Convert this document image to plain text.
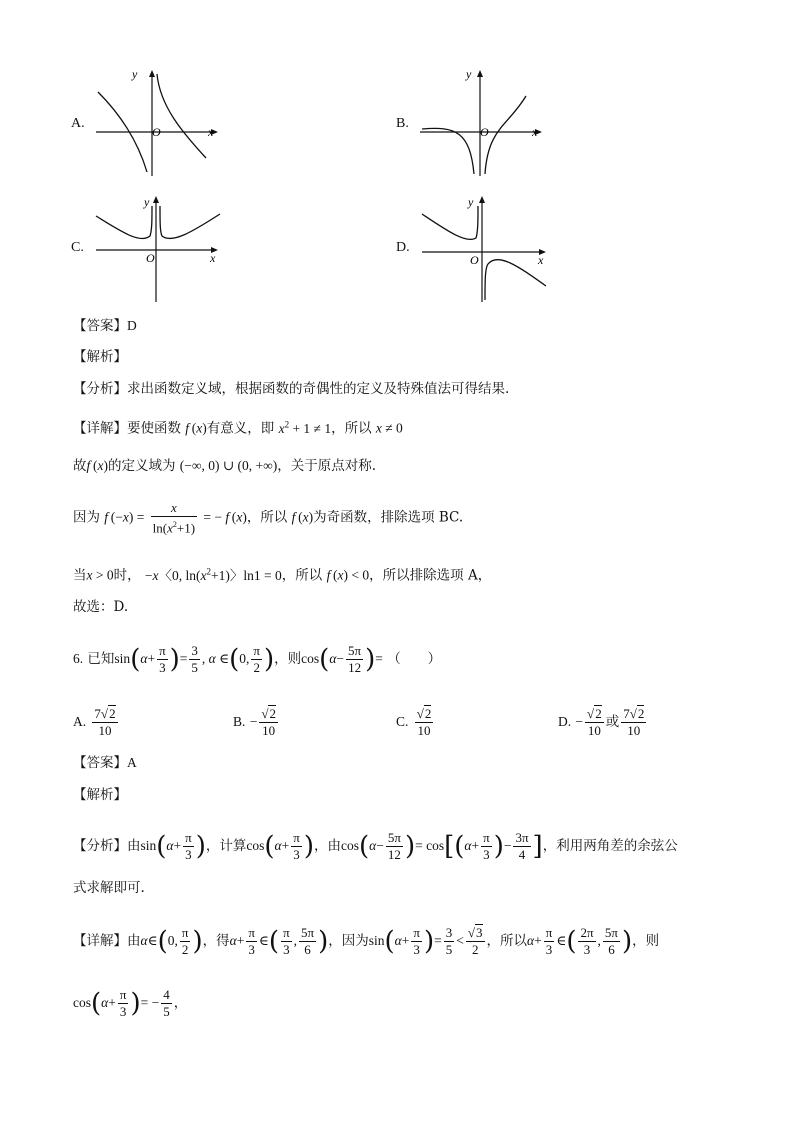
A.
y
x
O
B.
y
x
O
C.
y
x
O
D.
y
x
O
【答案】D
【解析】
【分析】求出函数定义域，根据函数的奇偶性的定义及特殊值法可得结果.
【详解】要使函数 f (x)有意义，即 $x^2 + 1 \ne 1$，所以 x ≠ 0
故f (x)的定义域为 (−∞, 0) ∪ (0, +∞)，关于原点对称.
因为 f $(-x) = \frac{x}{\ln(x^2+1)}$ = − f (x)，所以 f (x)为奇函数，排除选项 BC.
当x > 0时， −x〈0, $\ln(x^2+1)$〉ln1 = 0，所以 f (x) < 0，所以排除选项 A，
故选：D.
6. 已知$\sin(\alpha+ \frac{\pi}{3}$ )= $\frac{3}{5}$ , α ∈(0, $\frac{\pi}{2}$ )，则$\cos(\alpha- \frac{5\pi}{12}$ )= （　　）
A. $\frac{7√2}{10}$	B. − $\frac{√2}{10}$	C. $\frac{√2}{10}$	D. − $\frac{√2}{10}$ 或 $\frac{7√2}{10}$
【答案】A
【解析】
【分析】由$\sin(\alpha+ \frac{\pi}{3}$ )，计算$\cos(\alpha+ \frac{\pi}{3}$ )，由$\cos(\alpha- \frac{5\pi}{12}$ )= $\cos[(\alpha+ \frac{\pi}{3}$ )− $\frac{3\pi}{4}$ ]，利用两角差的余弦公
式求解即可.
【详解】由α∈(0, $\frac{\pi}{2}$ )，得$\alpha+ \frac{\pi}{3}$ ∈( $\frac{\pi}{3}$ , $\frac{5\pi}{6}$ )，因为$\sin(\alpha+ \frac{\pi}{3}$ )= $\frac{3}{5} < \frac{√3}{2}$ ，所以$\alpha+ \frac{\pi}{3}$ ∈( $\frac{2\pi}{3}$ , $\frac{5\pi}{6}$ )，则
$\cos(\alpha+ \frac{\pi}{3}$ )= − $\frac{4}{5}$ ，
